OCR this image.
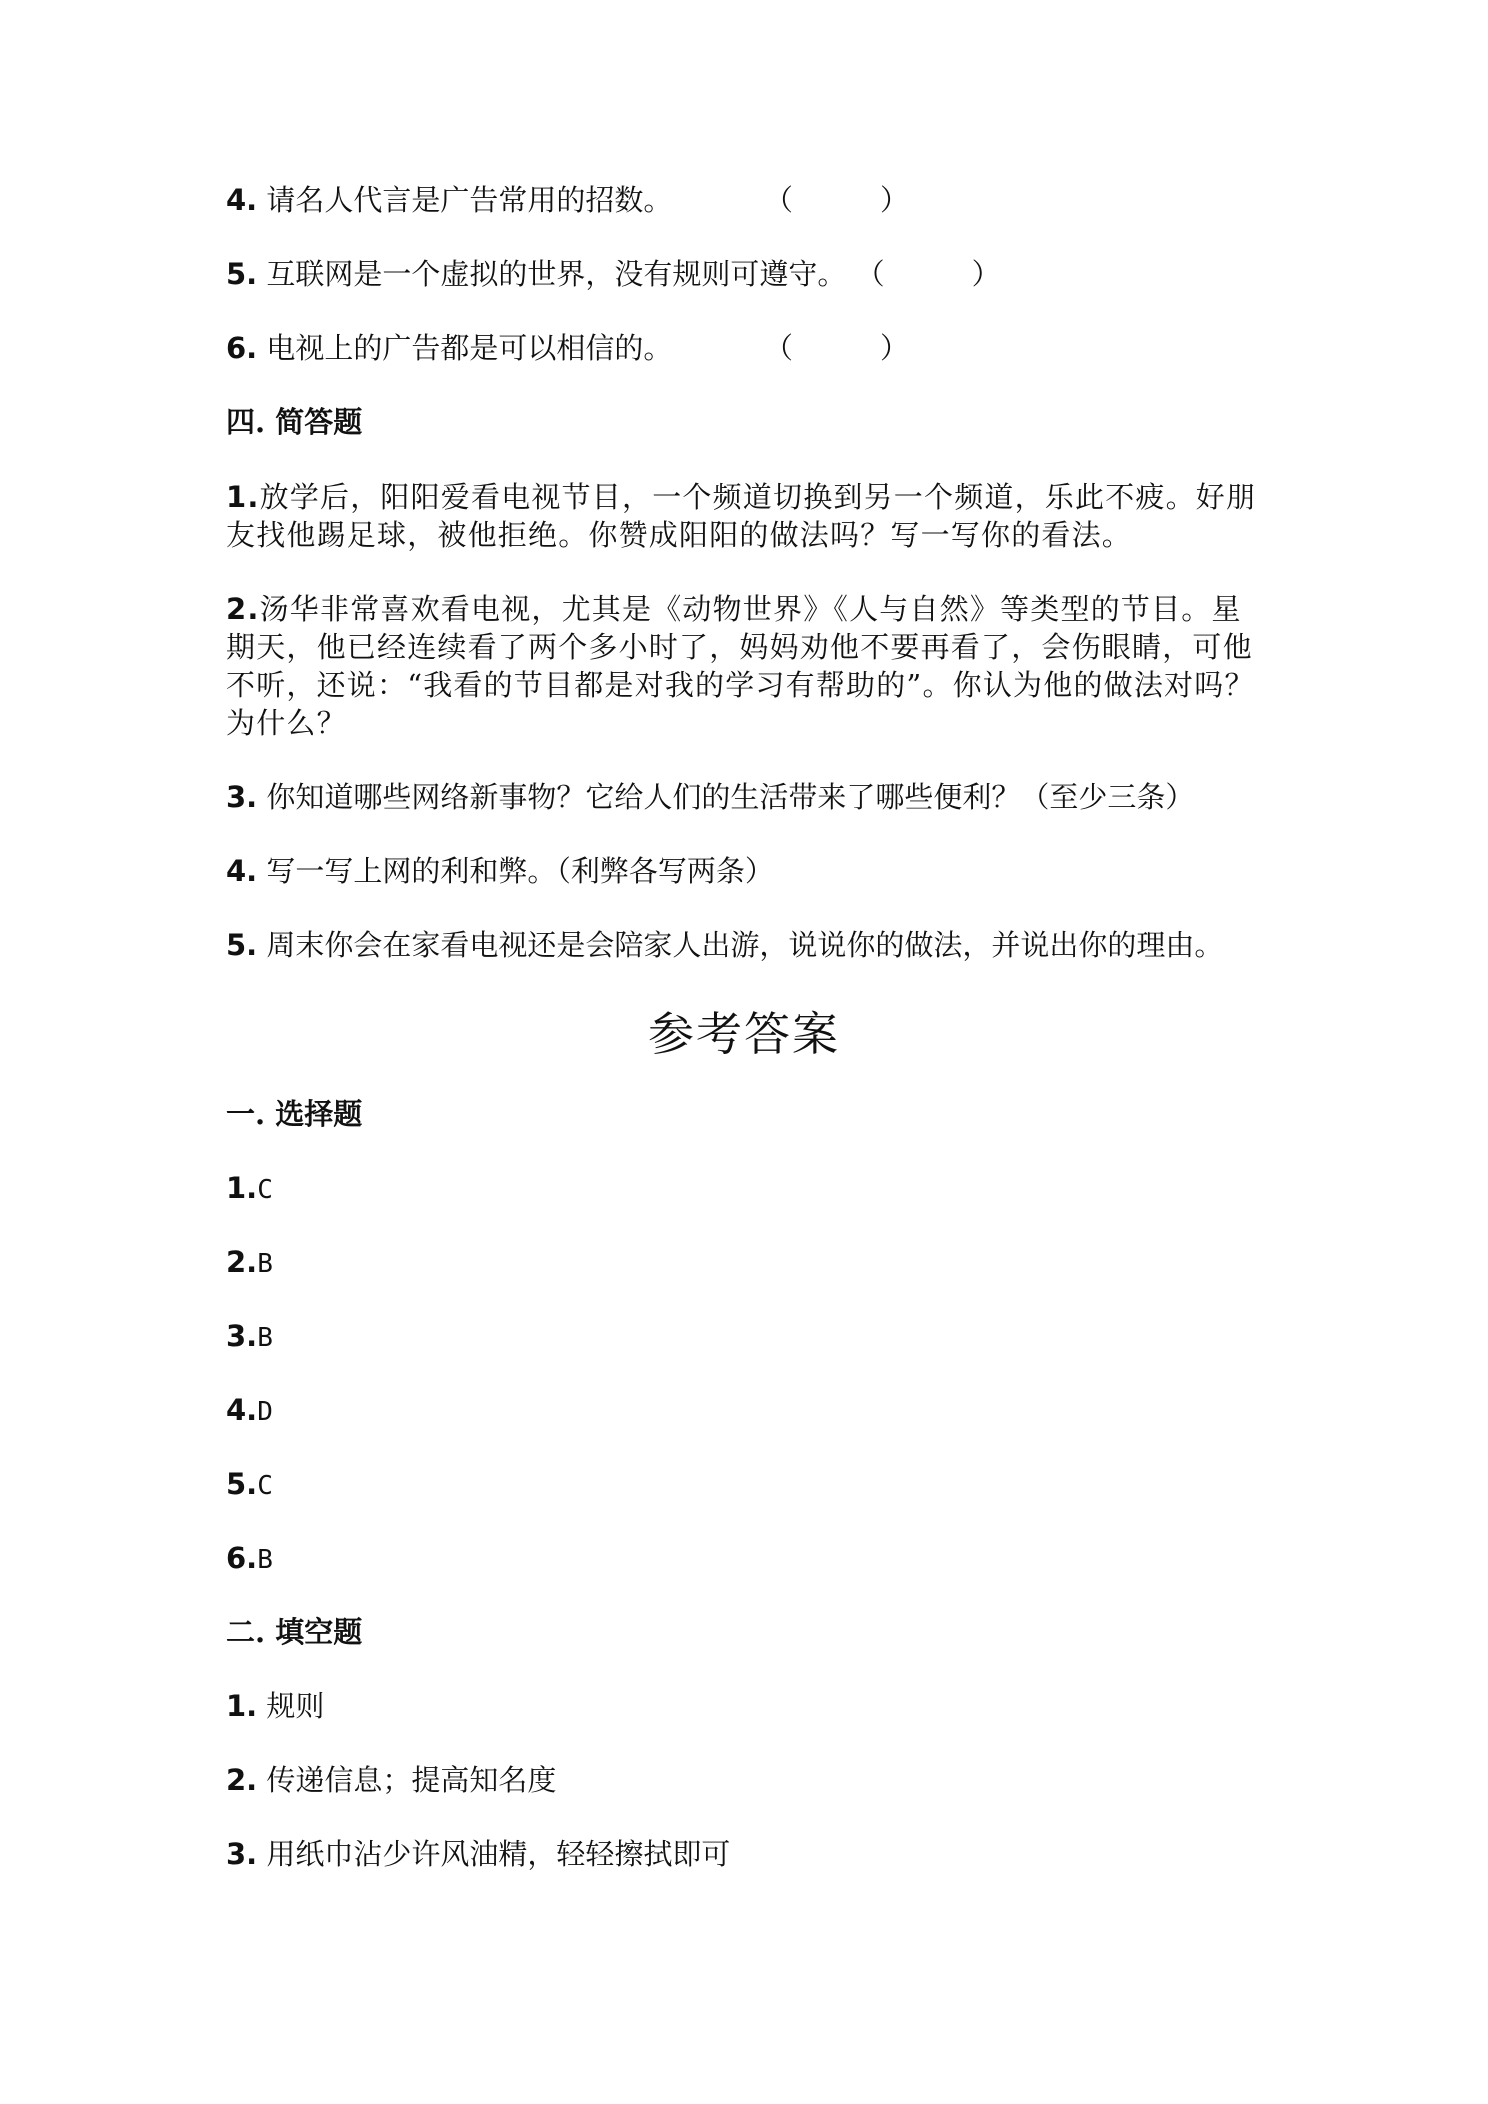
4. 请名人代言是广告常用的招数。	（　　　）
5. 互联网是一个虚拟的世界，没有规则可遵守。 （　　　）
6. 电视上的广告都是可以相信的。	（　　　）
四. 简答题
1.放学后，阳阳爱看电视节目，一个频道切换到另一个频道，乐此不疲。好朋友找他踢足球，被他拒绝。你赞成阳阳的做法吗？写一写你的看法。
2.汤华非常喜欢看电视，尤其是《动物世界》《人与自然》等类型的节目。星期天，他已经连续看了两个多小时了，妈妈劝他不要再看了，会伤眼睛，可他不听，还说：“我看的节目都是对我的学习有帮助的”。你认为他的做法对吗？为什么？
3. 你知道哪些网络新事物？它给人们的生活带来了哪些便利？（至少三条）
4. 写一写上网的利和弊。（利弊各写两条）
5. 周末你会在家看电视还是会陪家人出游，说说你的做法，并说出你的理由。
参考答案
一. 选择题
1.C
2.B
3.B
4.D
5.C
6.B
二. 填空题
1. 规则
2. 传递信息；提高知名度
3. 用纸巾沾少许风油精，轻轻擦拭即可
